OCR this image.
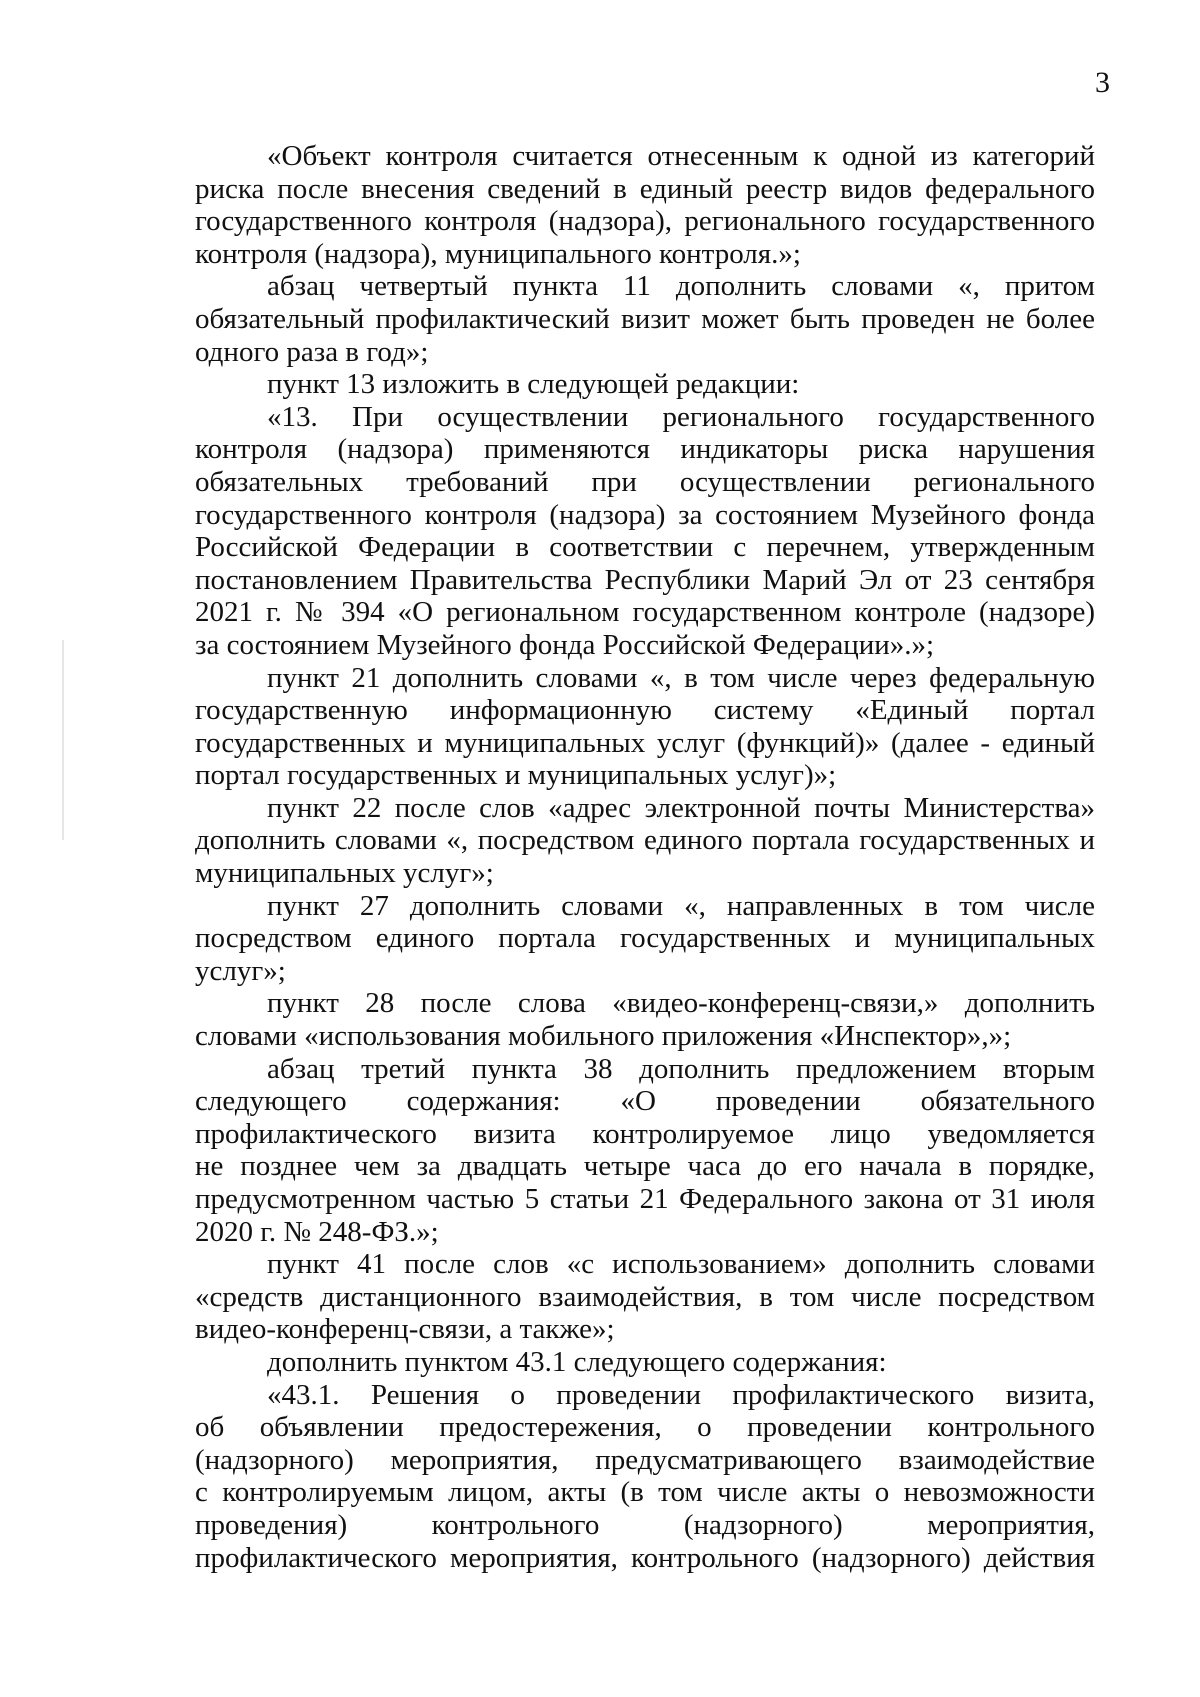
3
«Объект контроля считается отнесенным к одной из категорий
риска после внесения сведений в единый реестр видов федерального
государственного контроля (надзора), регионального государственного
контроля (надзора), муниципального контроля.»;
абзац четвертый пункта 11 дополнить словами «, притом
обязательный профилактический визит может быть проведен не более
одного раза в год»;
пункт 13 изложить в следующей редакции:
«13. При осуществлении регионального государственного
контроля (надзора) применяются индикаторы риска нарушения
обязательных требований при осуществлении регионального
государственного контроля (надзора) за состоянием Музейного фонда
Российской Федерации в соответствии с перечнем, утвержденным
постановлением Правительства Республики Марий Эл от 23 сентября
2021 г. № 394 «О региональном государственном контроле (надзоре)
за состоянием Музейного фонда Российской Федерации».»;
пункт 21 дополнить словами «, в том числе через федеральную
государственную информационную систему «Единый портал
государственных и муниципальных услуг (функций)» (далее - единый
портал государственных и муниципальных услуг)»;
пункт 22 после слов «адрес электронной почты Министерства»
дополнить словами «, посредством единого портала государственных и
муниципальных услуг»;
пункт 27 дополнить словами «, направленных в том числе
посредством единого портала государственных и муниципальных
услуг»;
пункт 28 после слова «видео-конференц-связи,» дополнить
словами «использования мобильного приложения «Инспектор»,»;
абзац третий пункта 38 дополнить предложением вторым
следующего содержания: «О проведении обязательного
профилактического визита контролируемое лицо уведомляется
не позднее чем за двадцать четыре часа до его начала в порядке,
предусмотренном частью 5 статьи 21 Федерального закона от 31 июля
2020 г. № 248-ФЗ.»;
пункт 41 после слов «с использованием» дополнить словами
«средств дистанционного взаимодействия, в том числе посредством
видео-конференц-связи, а также»;
дополнить пунктом 43.1 следующего содержания:
«43.1. Решения о проведении профилактического визита,
об объявлении предостережения, о проведении контрольного
(надзорного) мероприятия, предусматривающего взаимодействие
с контролируемым лицом, акты (в том числе акты о невозможности
проведения) контрольного (надзорного) мероприятия,
профилактического мероприятия, контрольного (надзорного) действия
